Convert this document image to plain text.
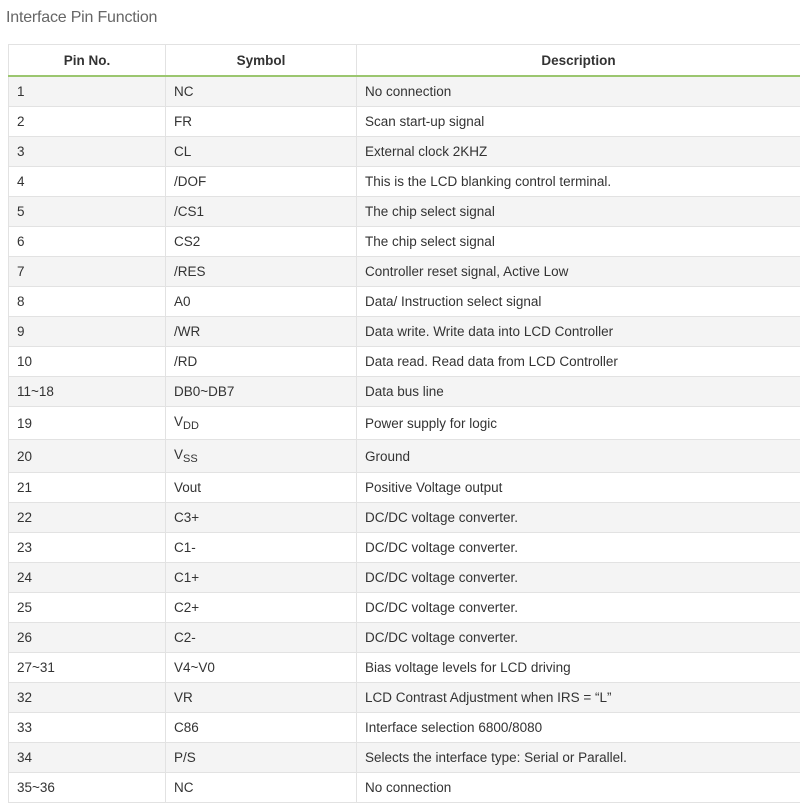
Interface Pin Function
Pin No.	Symbol	Description
1	NC	No connection
2	FR	Scan start-up signal
3	CL	External clock 2KHZ
4	/DOF	This is the LCD blanking control terminal.
5	/CS1	The chip select signal
6	CS2	The chip select signal
7	/RES	Controller reset signal, Active Low
8	A0	Data/ Instruction select signal
9	/WR	Data write. Write data into LCD Controller
10	/RD	Data read. Read data from LCD Controller
11~18	DB0~DB7	Data bus line
19	$V_{DD}$	Power supply for logic
20	$V_{SS}$	Ground
21	Vout	Positive Voltage output
22	C3+	DC/DC voltage converter.
23	C1-	DC/DC voltage converter.
24	C1+	DC/DC voltage converter.
25	C2+	DC/DC voltage converter.
26	C2-	DC/DC voltage converter.
27~31	V4~V0	Bias voltage levels for LCD driving
32	VR	LCD Contrast Adjustment when IRS = “L”
33	C86	Interface selection 6800/8080
34	P/S	Selects the interface type: Serial or Parallel.
35~36	NC	No connection
